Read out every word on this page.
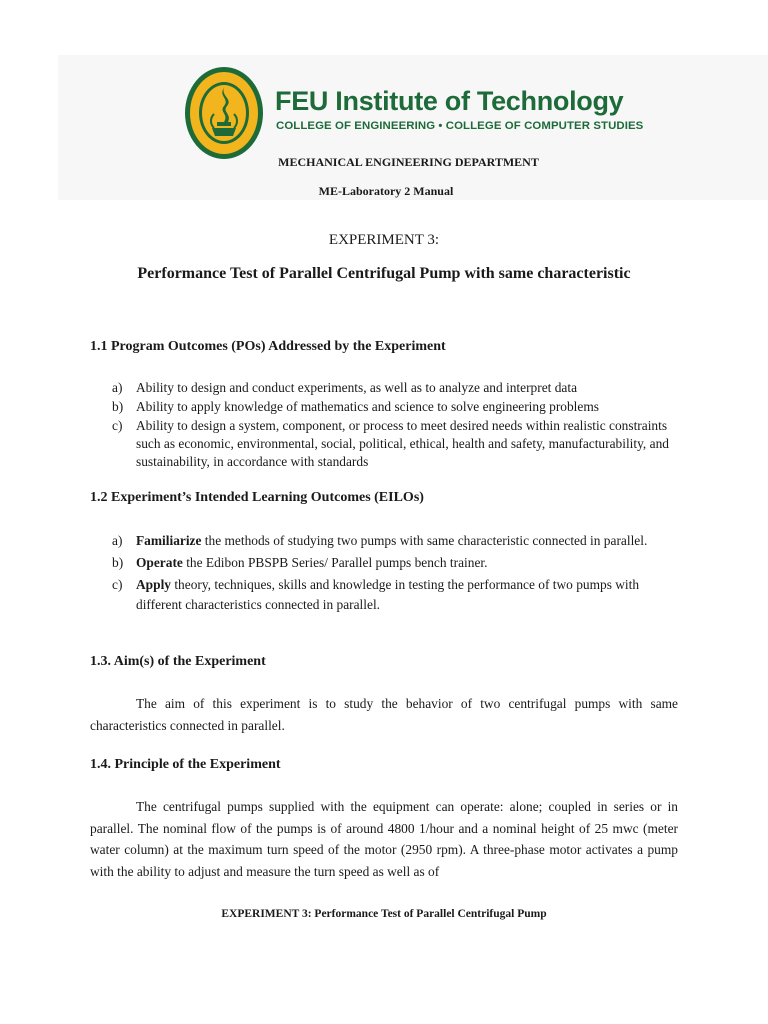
FEU Institute of Technology
COLLEGE OF ENGINEERING • COLLEGE OF COMPUTER STUDIES
MECHANICAL ENGINEERING DEPARTMENT
ME-Laboratory 2 Manual
EXPERIMENT 3:
Performance Test of Parallel Centrifugal Pump with same characteristic
1.1 Program Outcomes (POs) Addressed by the Experiment
a) Ability to design and conduct experiments, as well as to analyze and interpret data
b) Ability to apply knowledge of mathematics and science to solve engineering problems
c) Ability to design a system, component, or process to meet desired needs within realistic constraints such as economic, environmental, social, political, ethical, health and safety, manufacturability, and sustainability, in accordance with standards
1.2 Experiment’s Intended Learning Outcomes (EILOs)
a) Familiarize the methods of studying two pumps with same characteristic connected in parallel.
b) Operate the Edibon PBSPB Series/ Parallel pumps bench trainer.
c) Apply theory, techniques, skills and knowledge in testing the performance of two pumps with different characteristics connected in parallel.
1.3. Aim(s) of the Experiment

The aim of this experiment is to study the behavior of two centrifugal pumps with same characteristics connected in parallel.

1.4. Principle of the Experiment

The centrifugal pumps supplied with the equipment can operate: alone; coupled in series or in parallel. The nominal flow of the pumps is of around 4800 1/hour and a nominal height of 25 mwc (meter water column) at the maximum turn speed of the motor (2950 rpm). A three-phase motor activates a pump with the ability to adjust and measure the turn speed as well as of

EXPERIMENT 3: Performance Test of Parallel Centrifugal Pump
